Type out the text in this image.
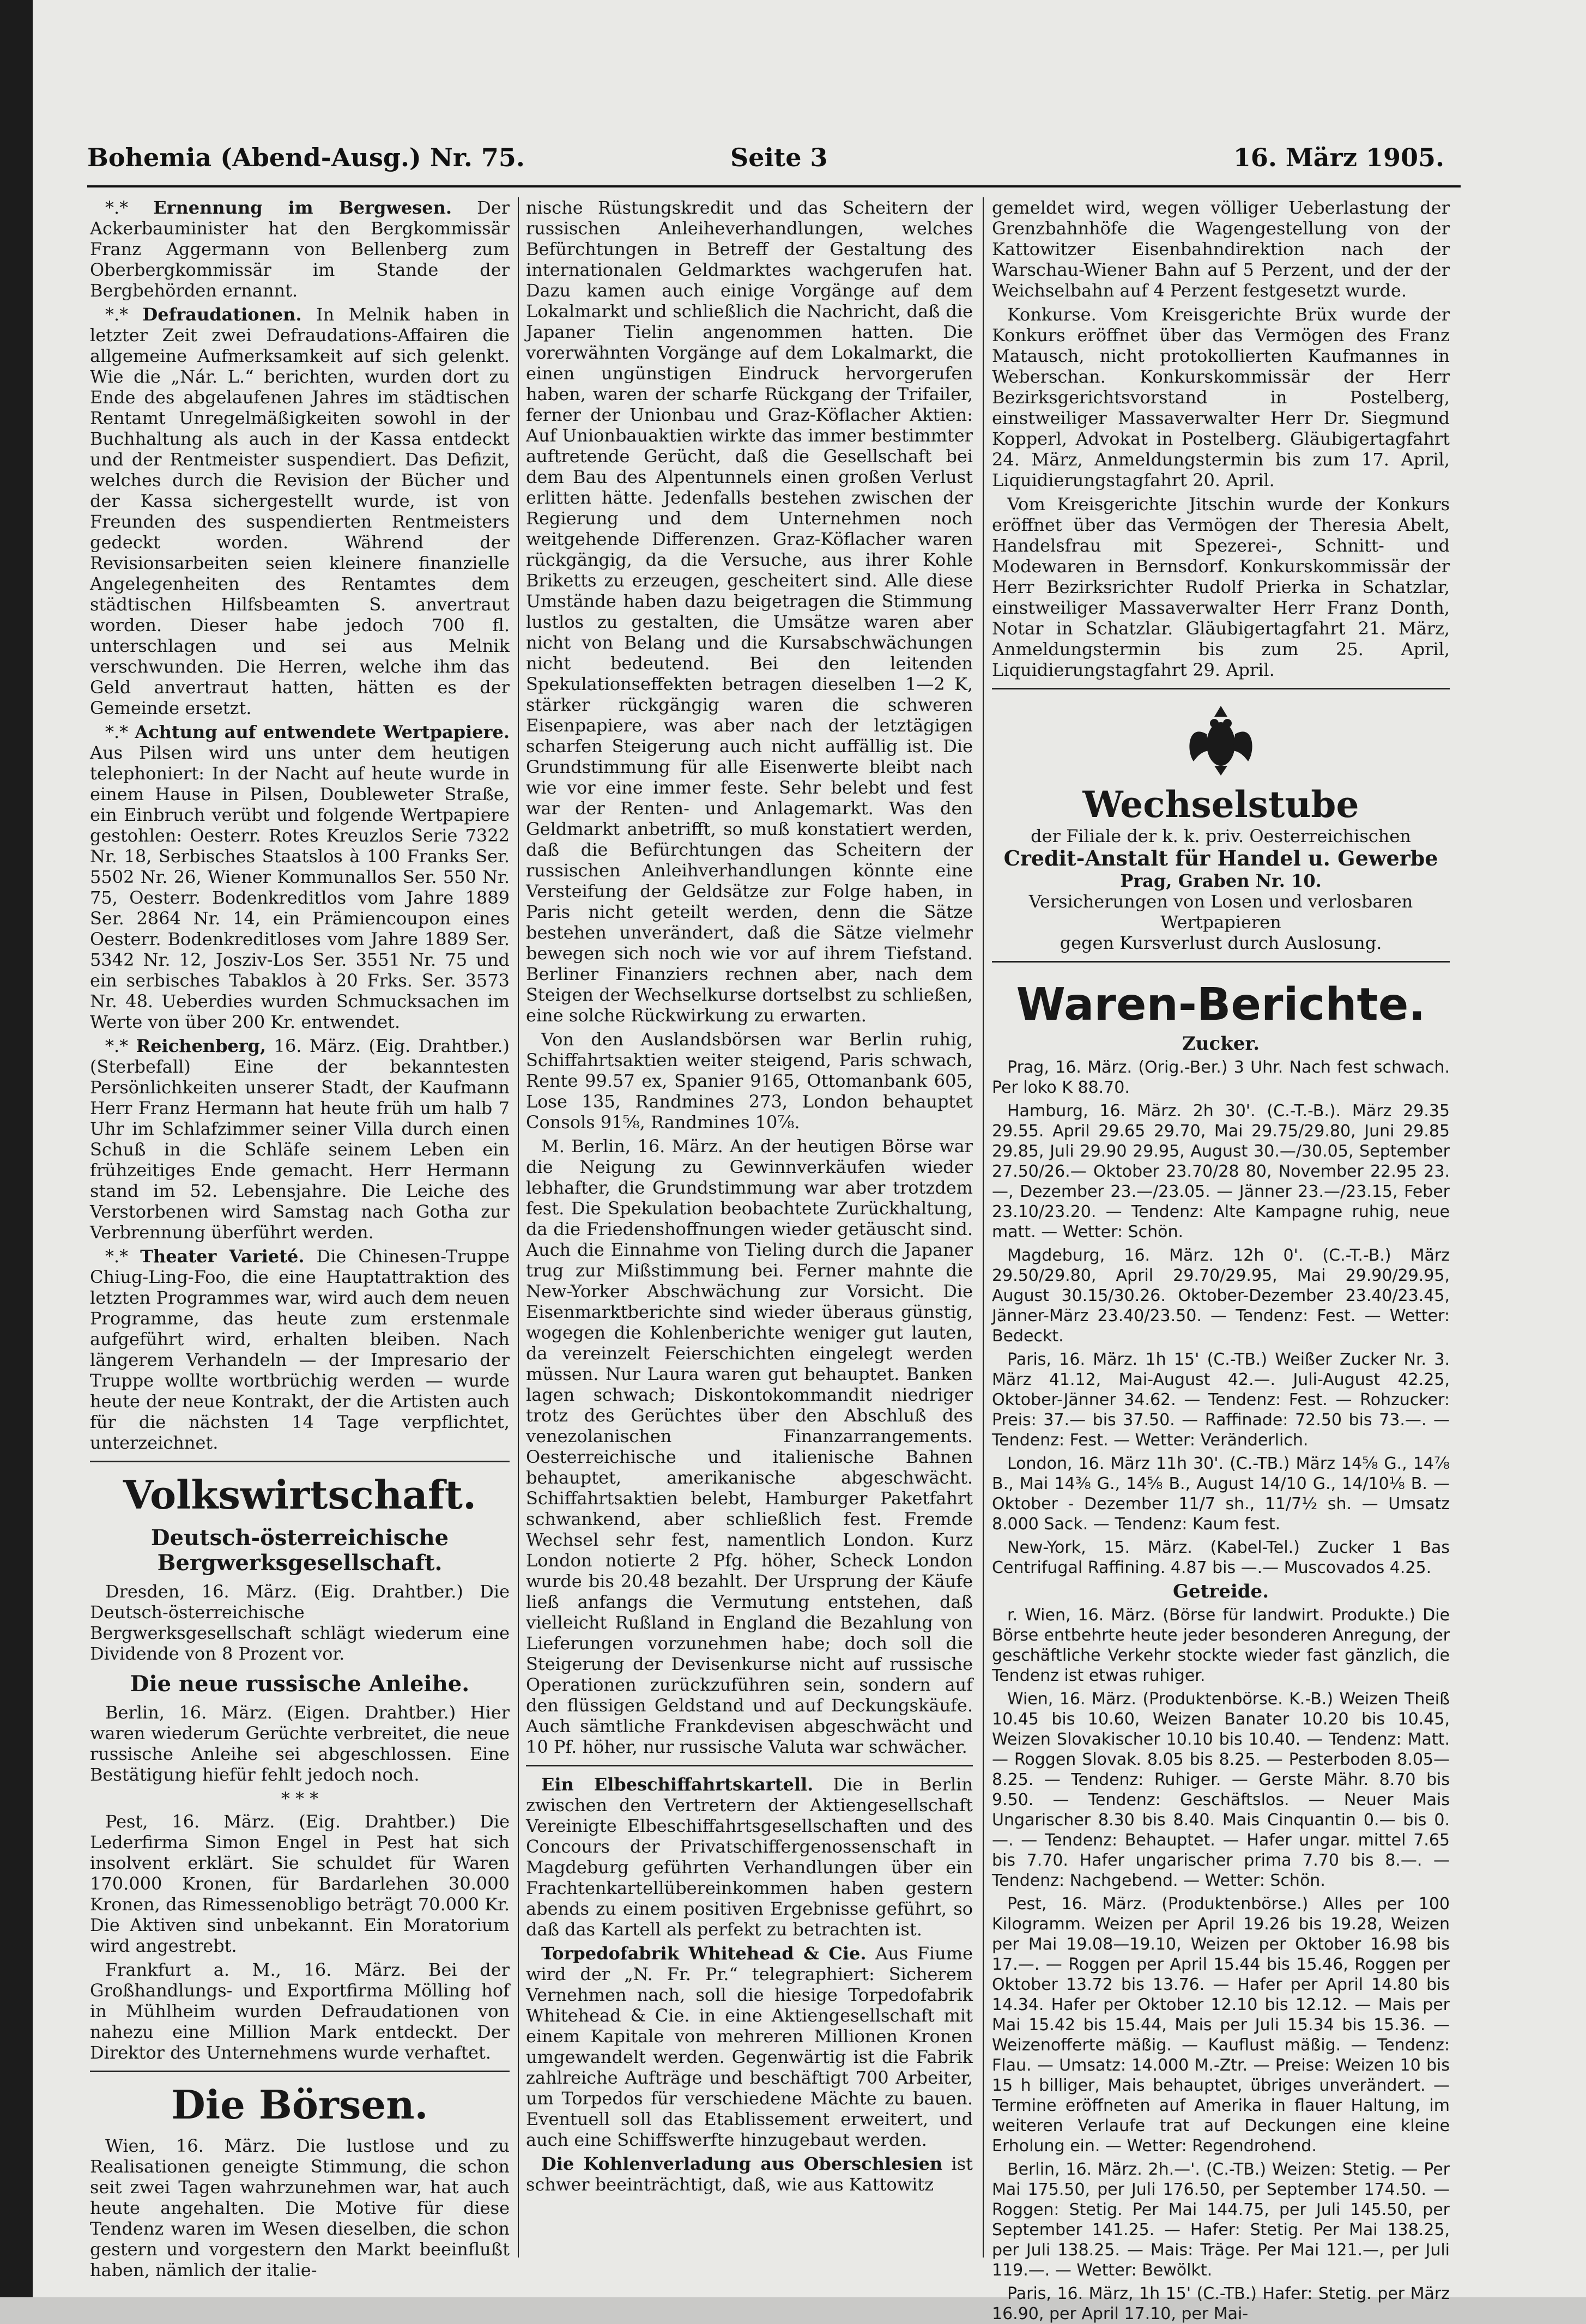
Bohemia (Abend-Ausg.) Nr. 75.	Seite 3	16. März 1905.

*.* Ernennung im Bergwesen. Der Ackerbauminister hat den Bergkommissär Franz Aggermann von Bellenberg zum Oberbergkommissär im Stande der Bergbehörden ernannt.

*.* Defraudationen. In Melnik haben in letzter Zeit zwei Defraudations-Affairen die allgemeine Aufmerksamkeit auf sich gelenkt. Wie die „Nár. L.“ berichten, wurden dort zu Ende des abgelaufenen Jahres im städtischen Rentamt Unregelmäßigkeiten sowohl in der Buchhaltung als auch in der Kassa entdeckt und der Rentmeister suspendiert. Das Defizit, welches durch die Revision der Bücher und der Kassa sichergestellt wurde, ist von Freunden des suspendierten Rentmeisters gedeckt worden. Während der Revisionsarbeiten seien kleinere finanzielle Angelegenheiten des Rentamtes dem städtischen Hilfsbeamten S. anvertraut worden. Dieser habe jedoch 700 fl. unterschlagen und sei aus Melnik verschwunden. Die Herren, welche ihm das Geld anvertraut hatten, hätten es der Gemeinde ersetzt.

*.* Achtung auf entwendete Wertpapiere. Aus Pilsen wird uns unter dem heutigen telephoniert: In der Nacht auf heute wurde in einem Hause in Pilsen, Doubleweter Straße, ein Einbruch verübt und folgende Wertpapiere gestohlen: Oesterr. Rotes Kreuzlos Serie 7322 Nr. 18, Serbisches Staatslos à 100 Franks Ser. 5502 Nr. 26, Wiener Kommunallos Ser. 550 Nr. 75, Oesterr. Bodenkreditlos vom Jahre 1889 Ser. 2864 Nr. 14, ein Prämiencoupon eines Oesterr. Bodenkreditloses vom Jahre 1889 Ser. 5342 Nr. 12, Josziv-Los Ser. 3551 Nr. 75 und ein serbisches Tabaklos à 20 Frks. Ser. 3573 Nr. 48. Ueberdies wurden Schmucksachen im Werte von über 200 Kr. entwendet.

*.* Reichenberg, 16. März. (Eig. Drahtber.) (Sterbefall) Eine der bekanntesten Persönlichkeiten unserer Stadt, der Kaufmann Herr Franz Hermann hat heute früh um halb 7 Uhr im Schlafzimmer seiner Villa durch einen Schuß in die Schläfe seinem Leben ein frühzeitiges Ende gemacht. Herr Hermann stand im 52. Lebensjahre. Die Leiche des Verstorbenen wird Samstag nach Gotha zur Verbrennung überführt werden.

*.* Theater Varieté. Die Chinesen-Truppe Chiug-Ling-Foo, die eine Hauptattraktion des letzten Programmes war, wird auch dem neuen Programme, das heute zum erstenmale aufgeführt wird, erhalten bleiben. Nach längerem Verhandeln — der Impresario der Truppe wollte wortbrüchig werden — wurde heute der neue Kontrakt, der die Artisten auch für die nächsten 14 Tage verpflichtet, unterzeichnet.

Volkswirtschaft.
Deutsch-österreichische Bergwerksgesellschaft.

Dresden, 16. März. (Eig. Drahtber.) Die Deutsch-österreichische Bergwerksgesellschaft schlägt wiederum eine Dividende von 8 Prozent vor.

Die neue russische Anleihe.

Berlin, 16. März. (Eigen. Drahtber.) Hier waren wiederum Gerüchte verbreitet, die neue russische Anleihe sei abgeschlossen. Eine Bestätigung hiefür fehlt jedoch noch.

* * *

Pest, 16. März. (Eig. Drahtber.) Die Lederfirma Simon Engel in Pest hat sich insolvent erklärt. Sie schuldet für Waren 170.000 Kronen, für Bardarlehen 30.000 Kronen, das Rimessenobligo beträgt 70.000 Kr. Die Aktiven sind unbekannt. Ein Moratorium wird angestrebt.

Frankfurt a. M., 16. März. Bei der Großhandlungs- und Exportfirma Mölling hof in Mühlheim wurden Defraudationen von nahezu eine Million Mark entdeckt. Der Direktor des Unternehmens wurde verhaftet.

Die Börsen.

Wien, 16. März. Die lustlose und zu Realisationen geneigte Stimmung, die schon seit zwei Tagen wahrzunehmen war, hat auch heute angehalten. Die Motive für diese Tendenz waren im Wesen dieselben, die schon gestern und vorgestern den Markt beeinflußt haben, nämlich der italie-

nische Rüstungskredit und das Scheitern der russischen Anleiheverhandlungen, welches Befürchtungen in Betreff der Gestaltung des internationalen Geldmarktes wachgerufen hat. Dazu kamen auch einige Vorgänge auf dem Lokalmarkt und schließlich die Nachricht, daß die Japaner Tielin angenommen hatten. Die vorerwähnten Vorgänge auf dem Lokalmarkt, die einen ungünstigen Eindruck hervorgerufen haben, waren der scharfe Rückgang der Trifailer, ferner der Unionbau und Graz-Köflacher Aktien: Auf Unionbauaktien wirkte das immer bestimmter auftretende Gerücht, daß die Gesellschaft bei dem Bau des Alpentunnels einen großen Verlust erlitten hätte. Jedenfalls bestehen zwischen der Regierung und dem Unternehmen noch weitgehende Differenzen. Graz-Köflacher waren rückgängig, da die Versuche, aus ihrer Kohle Briketts zu erzeugen, gescheitert sind. Alle diese Umstände haben dazu beigetragen die Stimmung lustlos zu gestalten, die Umsätze waren aber nicht von Belang und die Kursabschwächungen nicht bedeutend. Bei den leitenden Spekulationseffekten betragen dieselben 1—2 K, stärker rückgängig waren die schweren Eisenpapiere, was aber nach der letztägigen scharfen Steigerung auch nicht auffällig ist. Die Grundstimmung für alle Eisenwerte bleibt nach wie vor eine immer feste. Sehr belebt und fest war der Renten- und Anlagemarkt. Was den Geldmarkt anbetrifft, so muß konstatiert werden, daß die Befürchtungen das Scheitern der russischen Anleihverhandlungen könnte eine Versteifung der Geldsätze zur Folge haben, in Paris nicht geteilt werden, denn die Sätze bestehen unverändert, daß die Sätze vielmehr bewegen sich noch wie vor auf ihrem Tiefstand. Berliner Finanziers rechnen aber, nach dem Steigen der Wechselkurse dortselbst zu schließen, eine solche Rückwirkung zu erwarten.

Von den Auslandsbörsen war Berlin ruhig, Schiffahrtsaktien weiter steigend, Paris schwach, Rente 99.57 ex, Spanier 9165, Ottomanbank 605, Lose 135, Randmines 273, London behauptet Consols 91⅝, Randmines 10⅞.

M. Berlin, 16. März. An der heutigen Börse war die Neigung zu Gewinnverkäufen wieder lebhafter, die Grundstimmung war aber trotzdem fest. Die Spekulation beobachtete Zurückhaltung, da die Friedenshoffnungen wieder getäuscht sind. Auch die Einnahme von Tieling durch die Japaner trug zur Mißstimmung bei. Ferner mahnte die New-Yorker Abschwächung zur Vorsicht. Die Eisenmarktberichte sind wieder überaus günstig, wogegen die Kohlenberichte weniger gut lauten, da vereinzelt Feierschichten eingelegt werden müssen. Nur Laura waren gut behauptet. Banken lagen schwach; Diskontokommandit niedriger trotz des Gerüchtes über den Abschluß des venezolanischen Finanzarrangements. Oesterreichische und italienische Bahnen behauptet, amerikanische abgeschwächt. Schiffahrtsaktien belebt, Hamburger Paketfahrt schwankend, aber schließlich fest. Fremde Wechsel sehr fest, namentlich London. Kurz London notierte 2 Pfg. höher, Scheck London wurde bis 20.48 bezahlt. Der Ursprung der Käufe ließ anfangs die Vermutung entstehen, daß vielleicht Rußland in England die Bezahlung von Lieferungen vorzunehmen habe; doch soll die Steigerung der Devisenkurse nicht auf russische Operationen zurückzuführen sein, sondern auf den flüssigen Geldstand und auf Deckungskäufe. Auch sämtliche Frankdevisen abgeschwächt und 10 Pf. höher, nur russische Valuta war schwächer.

Ein Elbeschiffahrtskartell. Die in Berlin zwischen den Vertretern der Aktiengesellschaft Vereinigte Elbeschiffahrtsgesellschaften und des Concours der Privatschiffergenossenschaft in Magdeburg geführten Verhandlungen über ein Frachtenkartellübereinkommen haben gestern abends zu einem positiven Ergebnisse geführt, so daß das Kartell als perfekt zu betrachten ist.

Torpedofabrik Whitehead & Cie. Aus Fiume wird der „N. Fr. Pr.“ telegraphiert: Sicherem Vernehmen nach, soll die hiesige Torpedofabrik Whitehead & Cie. in eine Aktiengesellschaft mit einem Kapitale von mehreren Millionen Kronen umgewandelt werden. Gegenwärtig ist die Fabrik zahlreiche Aufträge und beschäftigt 700 Arbeiter, um Torpedos für verschiedene Mächte zu bauen. Eventuell soll das Etablissement erweitert, und auch eine Schiffswerfte hinzugebaut werden.

Die Kohlenverladung aus Oberschlesien ist schwer beeinträchtigt, daß, wie aus Kattowitz

gemeldet wird, wegen völliger Ueberlastung der Grenzbahnhöfe die Wagengestellung von der Kattowitzer Eisenbahndirektion nach der Warschau-Wiener Bahn auf 5 Perzent, und der der Weichselbahn auf 4 Perzent festgesetzt wurde.

Konkurse. Vom Kreisgerichte Brüx wurde der Konkurs eröffnet über das Vermögen des Franz Matausch, nicht protokollierten Kaufmannes in Weberschan. Konkurskommissär der Herr Bezirksgerichtsvorstand in Postelberg, einstweiliger Massaverwalter Herr Dr. Siegmund Kopperl, Advokat in Postelberg. Gläubigertagfahrt 24. März, Anmeldungstermin bis zum 17. April, Liquidierungstagfahrt 20. April.

Vom Kreisgerichte Jitschin wurde der Konkurs eröffnet über das Vermögen der Theresia Abelt, Handelsfrau mit Spezerei-, Schnitt- und Modewaren in Bernsdorf. Konkurskommissär der Herr Bezirksrichter Rudolf Prierka in Schatzlar, einstweiliger Massaverwalter Herr Franz Donth, Notar in Schatzlar. Gläubigertagfahrt 21. März, Anmeldungstermin bis zum 25. April, Liquidierungstagfahrt 29. April.

Wechselstube
der Filiale der k. k. priv. Oesterreichischen
Credit-Anstalt für Handel u. Gewerbe
Prag, Graben Nr. 10.
Versicherungen von Losen und verlosbaren Wertpapieren
gegen Kursverlust durch Auslosung.
Waren-Berichte.
Zucker.

Prag, 16. März. (Orig.-Ber.) 3 Uhr. Nach fest schwach. Per loko K 88.70.

Hamburg, 16. März. 2h 30'. (C.-T.-B.). März 29.35 29.55. April 29.65 29.70, Mai 29.75/29.80, Juni 29.85 29.85, Juli 29.90 29.95, August 30.—/30.05, September 27.50/26.— Oktober 23.70/28 80, November 22.95 23.—, Dezember 23.—/23.05. — Jänner 23.—/23.15, Feber 23.10/23.20. — Tendenz: Alte Kampagne ruhig, neue matt. — Wetter: Schön.

Magdeburg, 16. März. 12h 0'. (C.-T.-B.) März 29.50/29.80, April 29.70/29.95, Mai 29.90/29.95, August 30.15/30.26. Oktober-Dezember 23.40/23.45, Jänner-März 23.40/23.50. — Tendenz: Fest. — Wetter: Bedeckt.

Paris, 16. März. 1h 15' (C.-TB.) Weißer Zucker Nr. 3. März 41.12, Mai-August 42.—. Juli-August 42.25, Oktober-Jänner 34.62. — Tendenz: Fest. — Rohzucker: Preis: 37.— bis 37.50. — Raffinade: 72.50 bis 73.—. — Tendenz: Fest. — Wetter: Veränderlich.

London, 16. März 11h 30'. (C.-TB.) März 14⅝ G., 14⅞ B., Mai 14⅜ G., 14⅝ B., August 14/10 G., 14/10⅛ B. — Oktober - Dezember 11/7 sh., 11/7½ sh. — Umsatz 8.000 Sack. — Tendenz: Kaum fest.

New-York, 15. März. (Kabel-Tel.) Zucker 1 Bas Centrifugal Raffining. 4.87 bis —.— Muscovados 4.25.

Getreide.

r. Wien, 16. März. (Börse für landwirt. Produkte.) Die Börse entbehrte heute jeder besonderen Anregung, der geschäftliche Verkehr stockte wieder fast gänzlich, die Tendenz ist etwas ruhiger.

Wien, 16. März. (Produktenbörse. K.-B.) Weizen Theiß 10.45 bis 10.60, Weizen Banater 10.20 bis 10.45, Weizen Slovakischer 10.10 bis 10.40. — Tendenz: Matt. — Roggen Slovak. 8.05 bis 8.25. — Pesterboden 8.05—8.25. — Tendenz: Ruhiger. — Gerste Mähr. 8.70 bis 9.50. — Tendenz: Geschäftslos. — Neuer Mais Ungarischer 8.30 bis 8.40. Mais Cinquantin 0.— bis 0.—. — Tendenz: Behauptet. — Hafer ungar. mittel 7.65 bis 7.70. Hafer ungarischer prima 7.70 bis 8.—. — Tendenz: Nachgebend. — Wetter: Schön.

Pest, 16. März. (Produktenbörse.) Alles per 100 Kilogramm. Weizen per April 19.26 bis 19.28, Weizen per Mai 19.08—19.10, Weizen per Oktober 16.98 bis 17.—. — Roggen per April 15.44 bis 15.46, Roggen per Oktober 13.72 bis 13.76. — Hafer per April 14.80 bis 14.34. Hafer per Oktober 12.10 bis 12.12. — Mais per Mai 15.42 bis 15.44, Mais per Juli 15.34 bis 15.36. — Weizenofferte mäßig. — Kauflust mäßig. — Tendenz: Flau. — Umsatz: 14.000 M.-Ztr. — Preise: Weizen 10 bis 15 h billiger, Mais behauptet, übriges unverändert. — Termine eröffneten auf Amerika in flauer Haltung, im weiteren Verlaufe trat auf Deckungen eine kleine Erholung ein. — Wetter: Regendrohend.

Berlin, 16. März. 2h.—'. (C.-TB.) Weizen: Stetig. — Per Mai 175.50, per Juli 176.50, per September 174.50. — Roggen: Stetig. Per Mai 144.75, per Juli 145.50, per September 141.25. — Hafer: Stetig. Per Mai 138.25, per Juli 138.25. — Mais: Träge. Per Mai 121.—, per Juli 119.—. — Wetter: Bewölkt.

Paris, 16. März, 1h 15' (C.-TB.) Hafer: Stetig. per März 16.90, per April 17.10, per Mai-
